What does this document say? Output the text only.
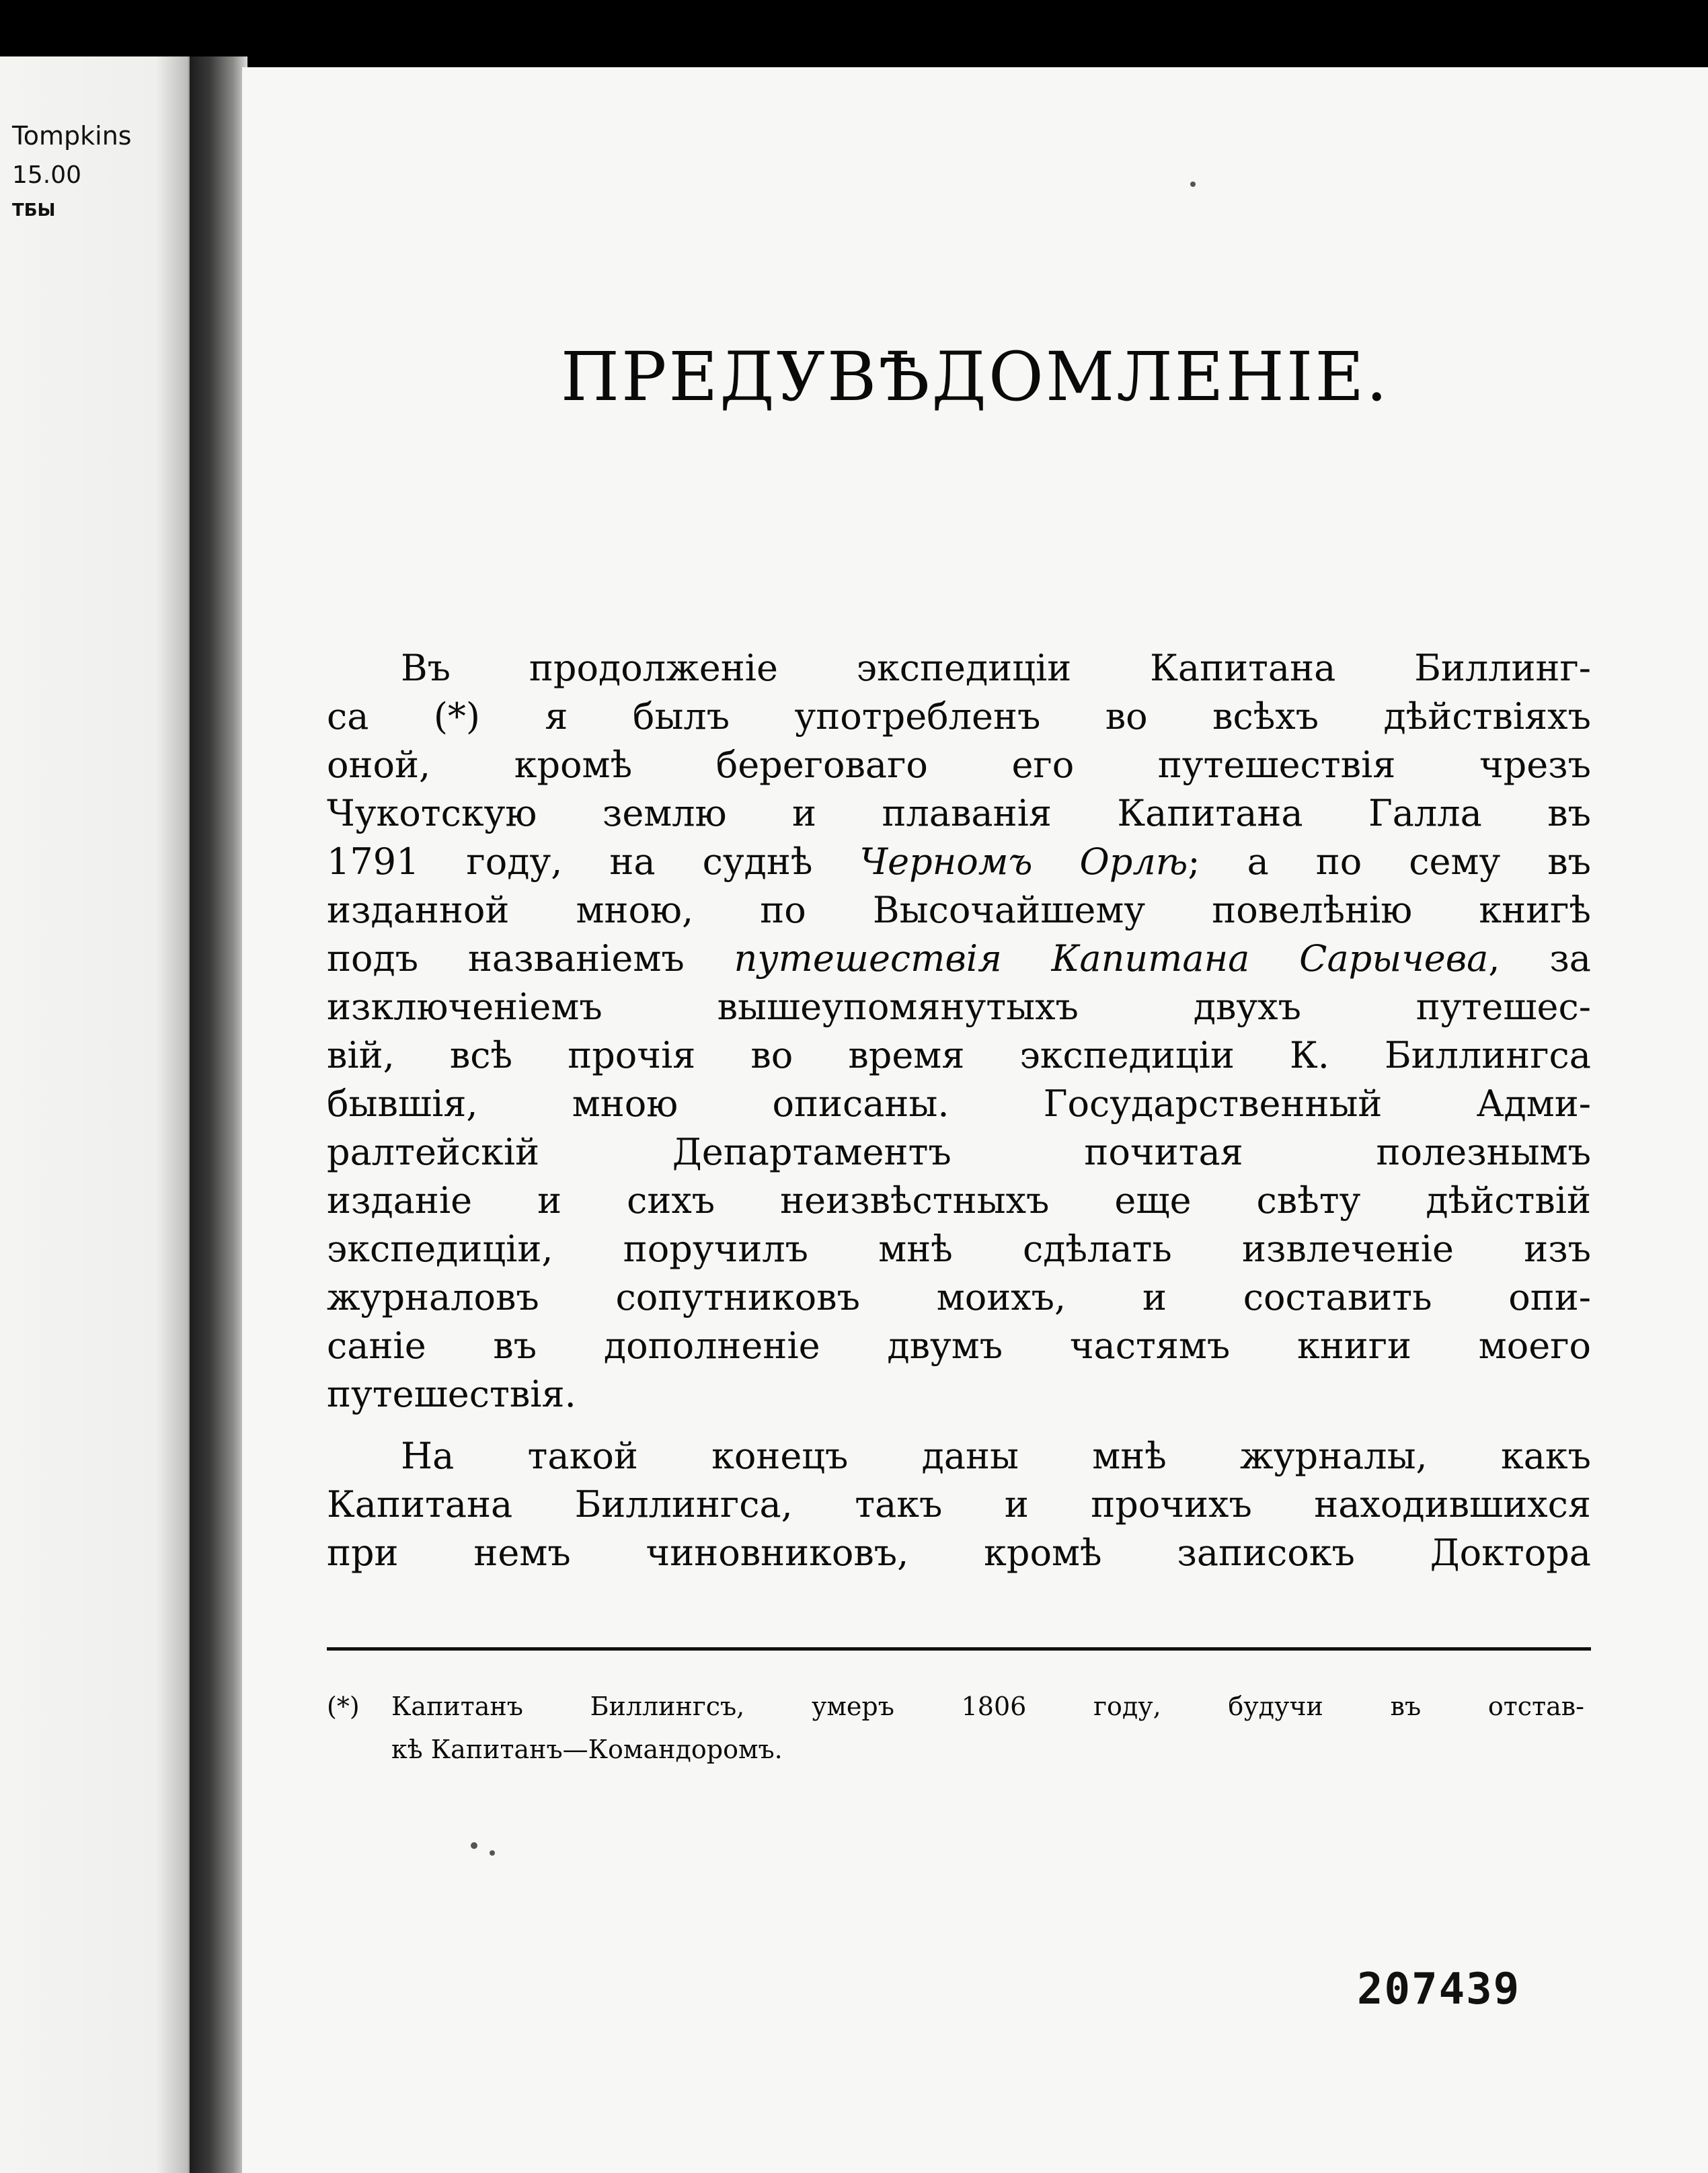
Tompkins
15.00
ТБЫ
ПРЕДУВѢДОМЛЕНІЕ.
Въ продолженіе экспедиціи Капитана Биллинг-
са (*) я былъ употребленъ во всѣхъ дѣйствіяхъ
оной, кромѣ береговаго его путешествія чрезъ
Чукотскую землю и плаванія Капитана Галла въ
1791 году, на суднѣ Черномъ Орлѣ; а по сему въ
изданной мною, по Высочайшему повелѣнію книгѣ
подъ названіемъ путешествія Капитана Сарычева, за
изключеніемъ вышеупомянутыхъ двухъ путешес-
вій, всѣ прочія во время экспедиціи К. Биллингса
бывшія, мною описаны. Государственный Адми-
ралтейскій Департаментъ почитая полезнымъ
изданіе и сихъ неизвѣстныхъ еще свѣту дѣйствій
экспедиціи, поручилъ мнѣ сдѣлать извлеченіе изъ
журналовъ сопутниковъ моихъ, и составить опи-
саніе въ дополненіе двумъ частямъ книги моего
путешествія.
На такой конецъ даны мнѣ журналы, какъ
Капитана Биллингса, такъ и прочихъ находившихся
при немъ чиновниковъ, кромѣ записокъ Доктора
(*) Капитанъ Биллингсъ, умеръ 1806 году, будучи въ отстав-
кѣ Капитанъ—Командоромъ.
207439
